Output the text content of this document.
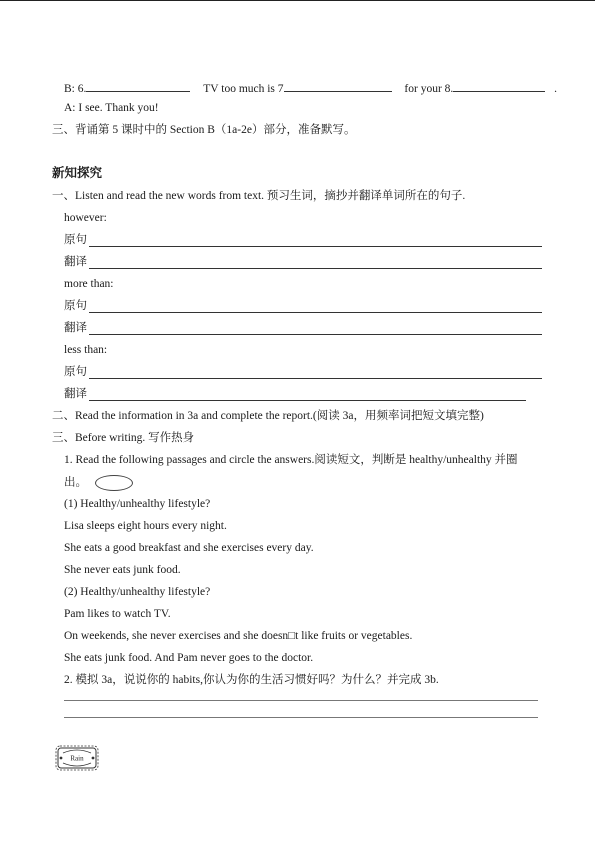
B: 6.	TV too much is 7	for your 8.	.
A: I see. Thank you!
三、背诵第 5 课时中的 Section B（1a-2e）部分，准备默写。
新知探究
一、Listen and read the new words from text. 预习生词，摘抄并翻译单词所在的句子.
however:
原句
翻译
more than:
原句
翻译
less than:
原句
翻译
二、Read the information in 3a and complete the report.(阅读 3a，用频率词把短文填完整)
三、Before writing. 写作热身
1. Read the following passages and circle the answers.阅读短文，判断是 healthy/unhealthy 并圈
出。
(1) Healthy/unhealthy lifestyle?
Lisa sleeps eight hours every night.
She eats a good breakfast and she exercises every day.
She never eats junk food.
(2) Healthy/unhealthy lifestyle?
Pam likes to watch TV.
On weekends, she never exercises and she doesn□t like fruits or vegetables.
She eats junk food. And Pam never goes to the doctor.
2. 模拟 3a，说说你的 habits,你认为你的生活习惯好吗？为什么？并完成 3b.
Rain
